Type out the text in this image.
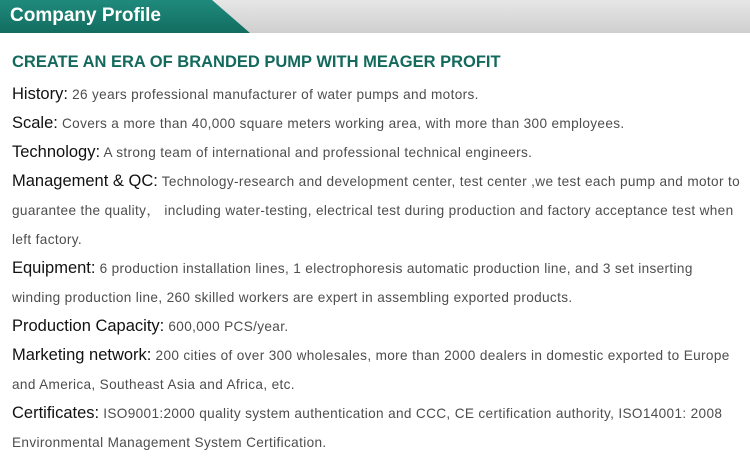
Company Profile
CREATE AN ERA OF BRANDED PUMP WITH MEAGER PROFIT
History: 26 years professional manufacturer of water pumps and motors.
Scale: Covers a more than 40,000 square meters working area, with more than 300 employees.
Technology: A strong team of international and professional technical engineers.
Management & QC: Technology-research and development center, test center ,we test each pump and motor to guarantee the quality， including water-testing, electrical test during production and factory acceptance test when left factory.
Equipment: 6 production installation lines, 1 electrophoresis automatic production line, and 3 set inserting winding production line, 260 skilled workers are expert in assembling exported products.
Production Capacity: 600,000 PCS/year.
Marketing network: 200 cities of over 300 wholesales, more than 2000 dealers in domestic exported to Europe and America, Southeast Asia and Africa, etc.
Certificates: ISO9001:2000 quality system authentication and CCC, CE certification authority, ISO14001: 2008 Environmental Management System Certification.
